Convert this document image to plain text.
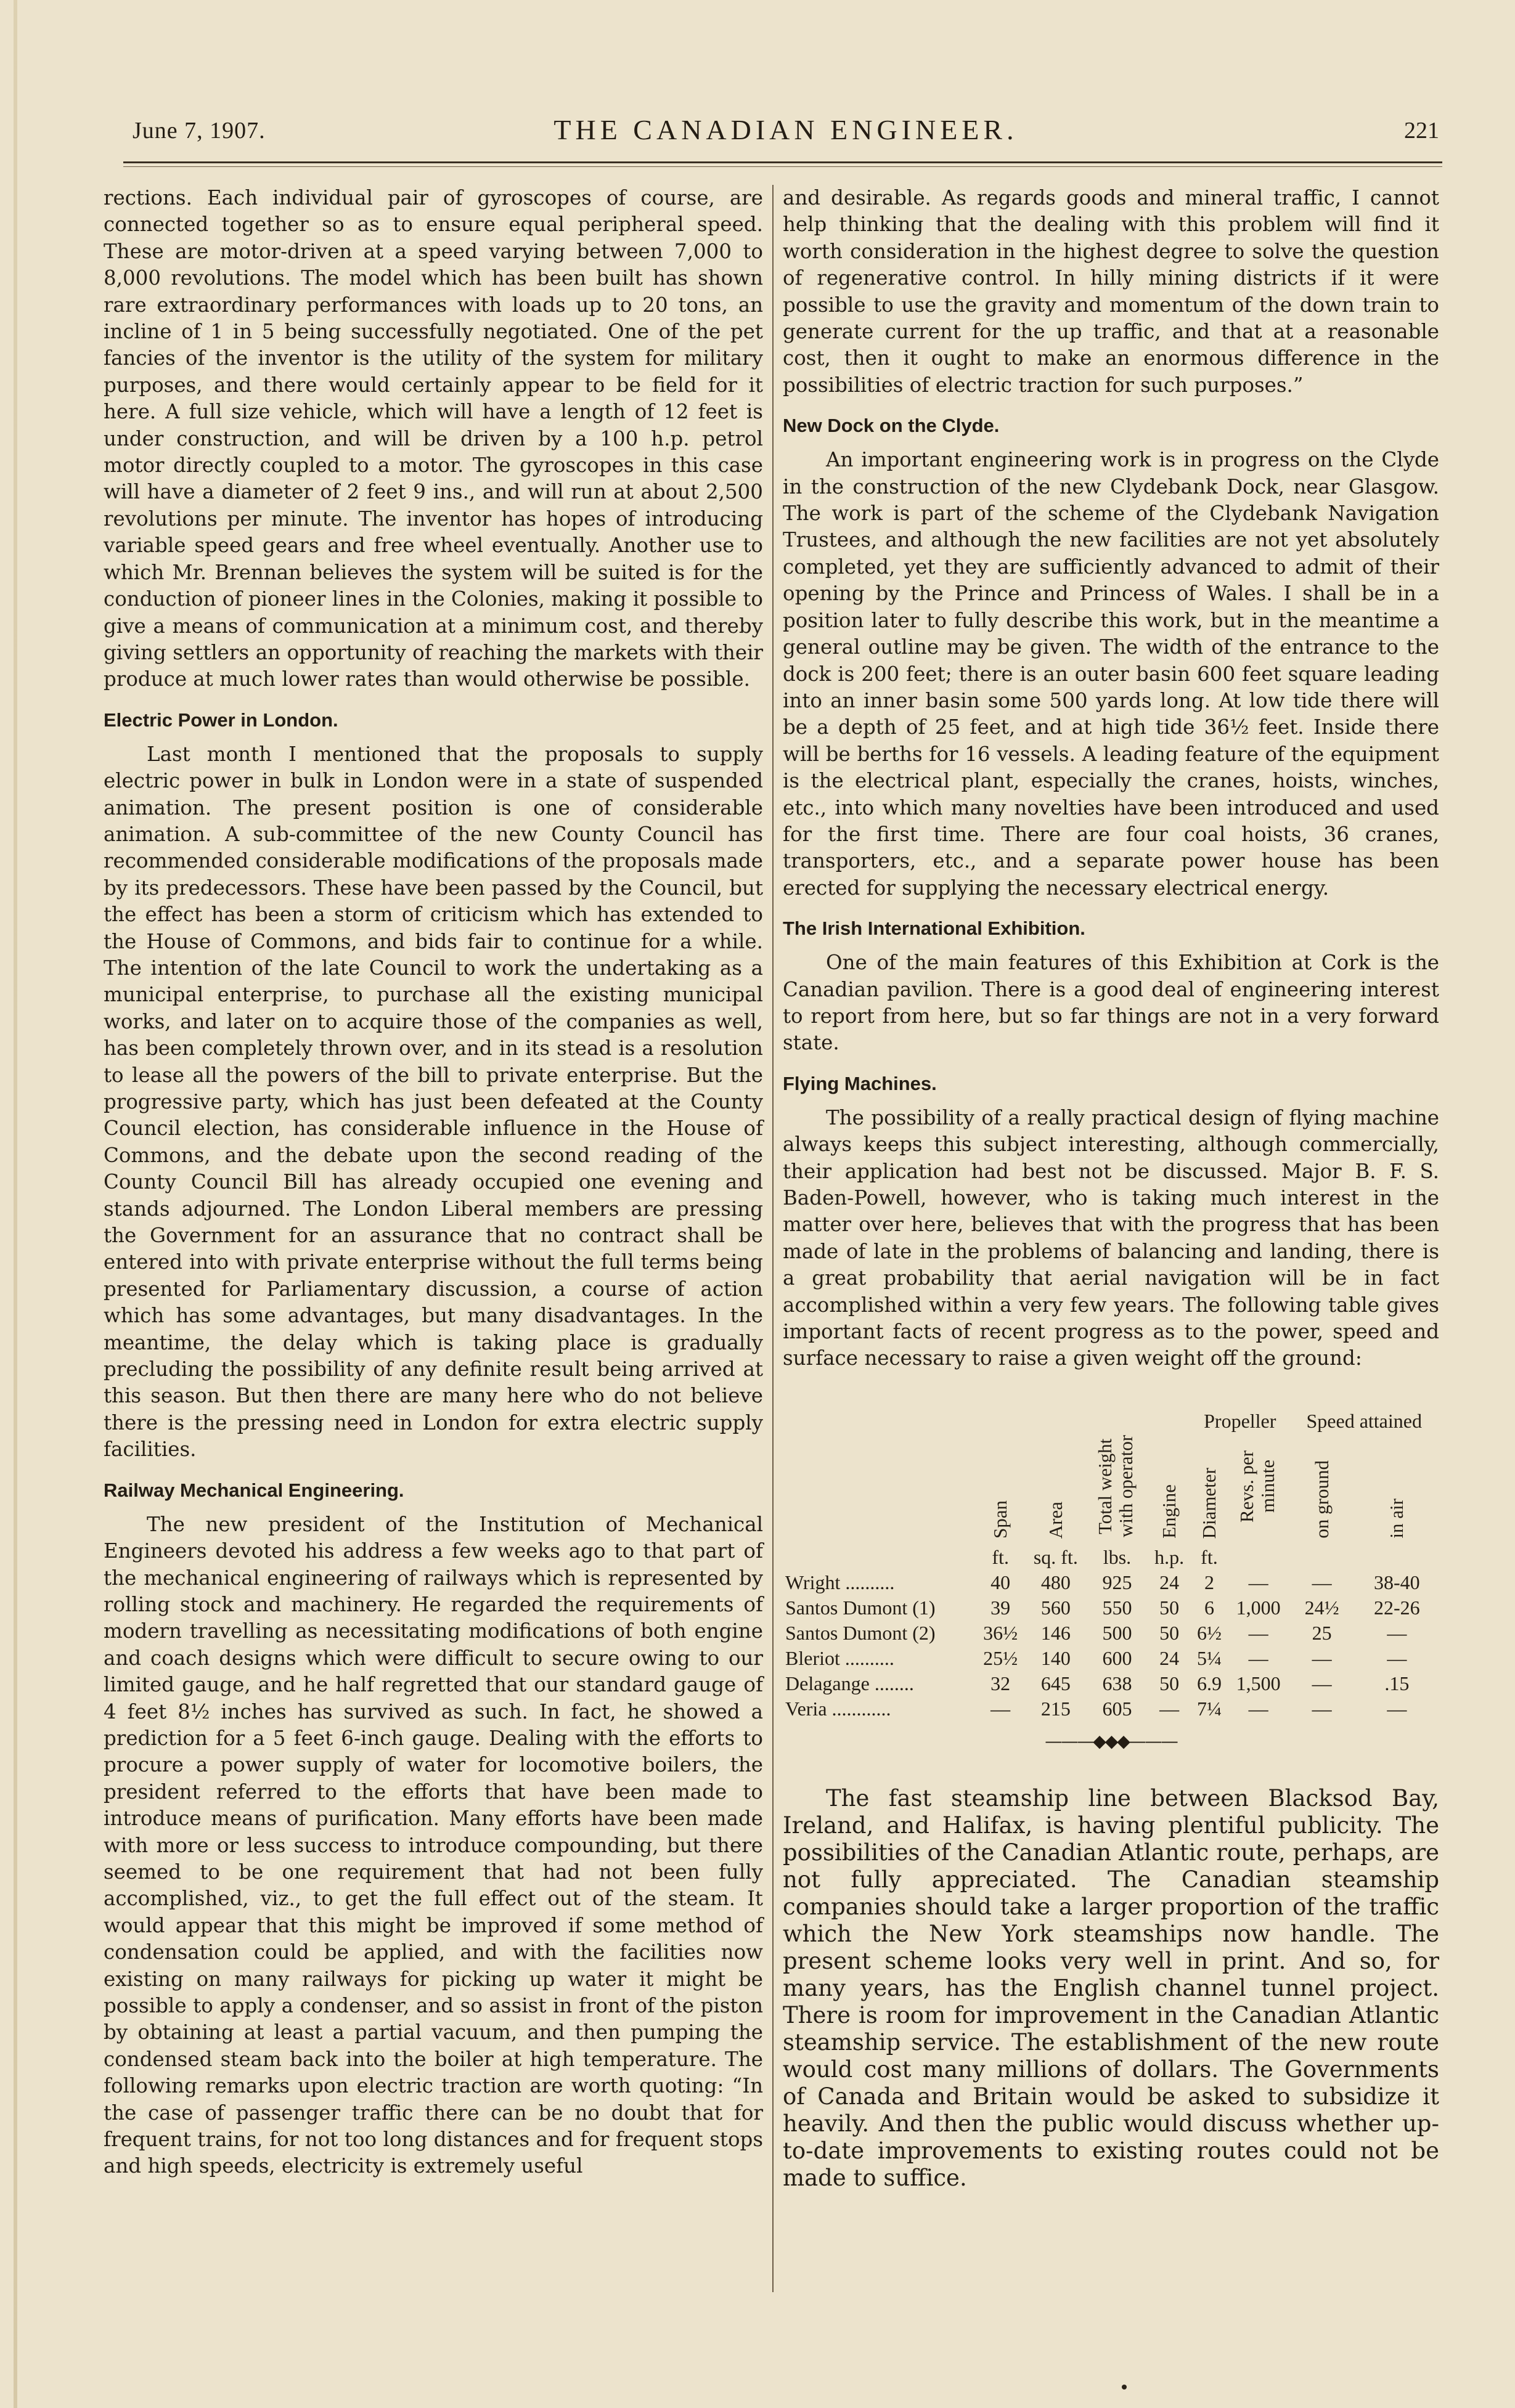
June 7, 1907.	THE CANADIAN ENGINEER.	221

rections. Each individual pair of gyroscopes of course, are connected together so as to ensure equal peripheral speed. These are motor-driven at a speed varying between 7,000 to 8,000 revolutions. The model which has been built has shown rare extraordinary performances with loads up to 20 tons, an incline of 1 in 5 being successfully negotiated. One of the pet fancies of the inventor is the utility of the system for military purposes, and there would certainly appear to be field for it here. A full size vehicle, which will have a length of 12 feet is under construction, and will be driven by a 100 h.p. petrol motor directly coupled to a motor. The gyroscopes in this case will have a diameter of 2 feet 9 ins., and will run at about 2,500 revolutions per minute. The inventor has hopes of introducing variable speed gears and free wheel eventually. Another use to which Mr. Brennan believes the system will be suited is for the conduction of pioneer lines in the Colonies, making it possible to give a means of communication at a minimum cost, and thereby giving settlers an opportunity of reaching the markets with their produce at much lower rates than would otherwise be possible.

Electric Power in London.

Last month I mentioned that the proposals to supply electric power in bulk in London were in a state of suspended animation. The present position is one of considerable animation. A sub-committee of the new County Council has recommended considerable modifications of the proposals made by its predecessors. These have been passed by the Council, but the effect has been a storm of criticism which has extended to the House of Commons, and bids fair to continue for a while. The intention of the late Council to work the undertaking as a municipal enterprise, to purchase all the existing municipal works, and later on to acquire those of the companies as well, has been completely thrown over, and in its stead is a resolution to lease all the powers of the bill to private enterprise. But the progressive party, which has just been defeated at the County Council election, has considerable influence in the House of Commons, and the debate upon the second reading of the County Council Bill has already occupied one evening and stands adjourned. The London Liberal members are pressing the Government for an assurance that no contract shall be entered into with private enterprise without the full terms being presented for Parliamentary discussion, a course of action which has some advantages, but many disadvantages. In the meantime, the delay which is taking place is gradually precluding the possibility of any definite result being arrived at this season. But then there are many here who do not believe there is the pressing need in London for extra electric supply facilities.

Railway Mechanical Engineering.

The new president of the Institution of Mechanical Engineers devoted his address a few weeks ago to that part of the mechanical engineering of railways which is represented by rolling stock and machinery. He regarded the requirements of modern travelling as necessitating modifications of both engine and coach designs which were difficult to secure owing to our limited gauge, and he half regretted that our standard gauge of 4 feet 8½ inches has survived as such. In fact, he showed a prediction for a 5 feet 6-inch gauge. Dealing with the efforts to procure a power supply of water for locomotive boilers, the president referred to the efforts that have been made to introduce means of purification. Many efforts have been made with more or less success to introduce compounding, but there seemed to be one requirement that had not been fully accomplished, viz., to get the full effect out of the steam. It would appear that this might be improved if some method of condensation could be applied, and with the facilities now existing on many railways for picking up water it might be possible to apply a condenser, and so assist in front of the piston by obtaining at least a partial vacuum, and then pumping the condensed steam back into the boiler at high temperature. The following remarks upon electric traction are worth quoting: “In the case of passenger traffic there can be no doubt that for frequent trains, for not too long distances and for frequent stops and high speeds, electricity is extremely useful

and desirable. As regards goods and mineral traffic, I cannot help thinking that the dealing with this problem will find it worth consideration in the highest degree to solve the question of regenerative control. In hilly mining districts if it were possible to use the gravity and momentum of the down train to generate current for the up traffic, and that at a reasonable cost, then it ought to make an enormous difference in the possibilities of electric traction for such purposes.”

New Dock on the Clyde.

An important engineering work is in progress on the Clyde in the construction of the new Clydebank Dock, near Glasgow. The work is part of the scheme of the Clydebank Navigation Trustees, and although the new facilities are not yet absolutely completed, yet they are sufficiently advanced to admit of their opening by the Prince and Princess of Wales. I shall be in a position later to fully describe this work, but in the meantime a general outline may be given. The width of the entrance to the dock is 200 feet; there is an outer basin 600 feet square leading into an inner basin some 500 yards long. At low tide there will be a depth of 25 feet, and at high tide 36½ feet. Inside there will be berths for 16 vessels. A leading feature of the equipment is the electrical plant, especially the cranes, hoists, winches, etc., into which many novelties have been introduced and used for the first time. There are four coal hoists, 36 cranes, transporters, etc., and a separate power house has been erected for supplying the necessary electrical energy.

The Irish International Exhibition.

One of the main features of this Exhibition at Cork is the Canadian pavilion. There is a good deal of engineering interest to report from here, but so far things are not in a very forward state.

Flying Machines.

The possibility of a really practical design of flying machine always keeps this subject interesting, although commercially, their application had best not be discussed. Major B. F. S. Baden-Powell, however, who is taking much interest in the matter over here, believes that with the progress that has been made of late in the problems of balancing and landing, there is a great probability that aerial navigation will be in fact accomplished within a very few years. The following table gives important facts of recent progress as to the power, speed and surface necessary to raise a given weight off the ground:

					Propeller		Speed attained	
	Span	Area	Total weight with operator	Engine	Diameter	Revs. per minute	on ground	in air
	ft.	sq. ft.	lbs.	h.p.	ft.			
Wright ..........	40	480	925	24	2	—	—	38-40
Santos Dumont (1)	39	560	550	50	6	1,000	24½	22-26
Santos Dumont (2)	36½	146	500	50	6½	—	25	—
Bleriot ..........	25½	140	600	24	5¼	—	—	—
Delagange ........	32	645	638	50	6.9	1,500	—	.15
Veria ............	—	215	605	—	7¼	—	—	—
———◆◆◆———

The fast steamship line between Blacksod Bay, Ireland, and Halifax, is having plentiful publicity. The possibilities of the Canadian Atlantic route, perhaps, are not fully appreciated. The Canadian steamship companies should take a larger proportion of the traffic which the New York steamships now handle. The present scheme looks very well in print. And so, for many years, has the English channel tunnel project. There is room for improvement in the Canadian Atlantic steamship service. The establishment of the new route would cost many millions of dollars. The Governments of Canada and Britain would be asked to subsidize it heavily. And then the public would discuss whether up-to-date improvements to existing routes could not be made to suffice.
